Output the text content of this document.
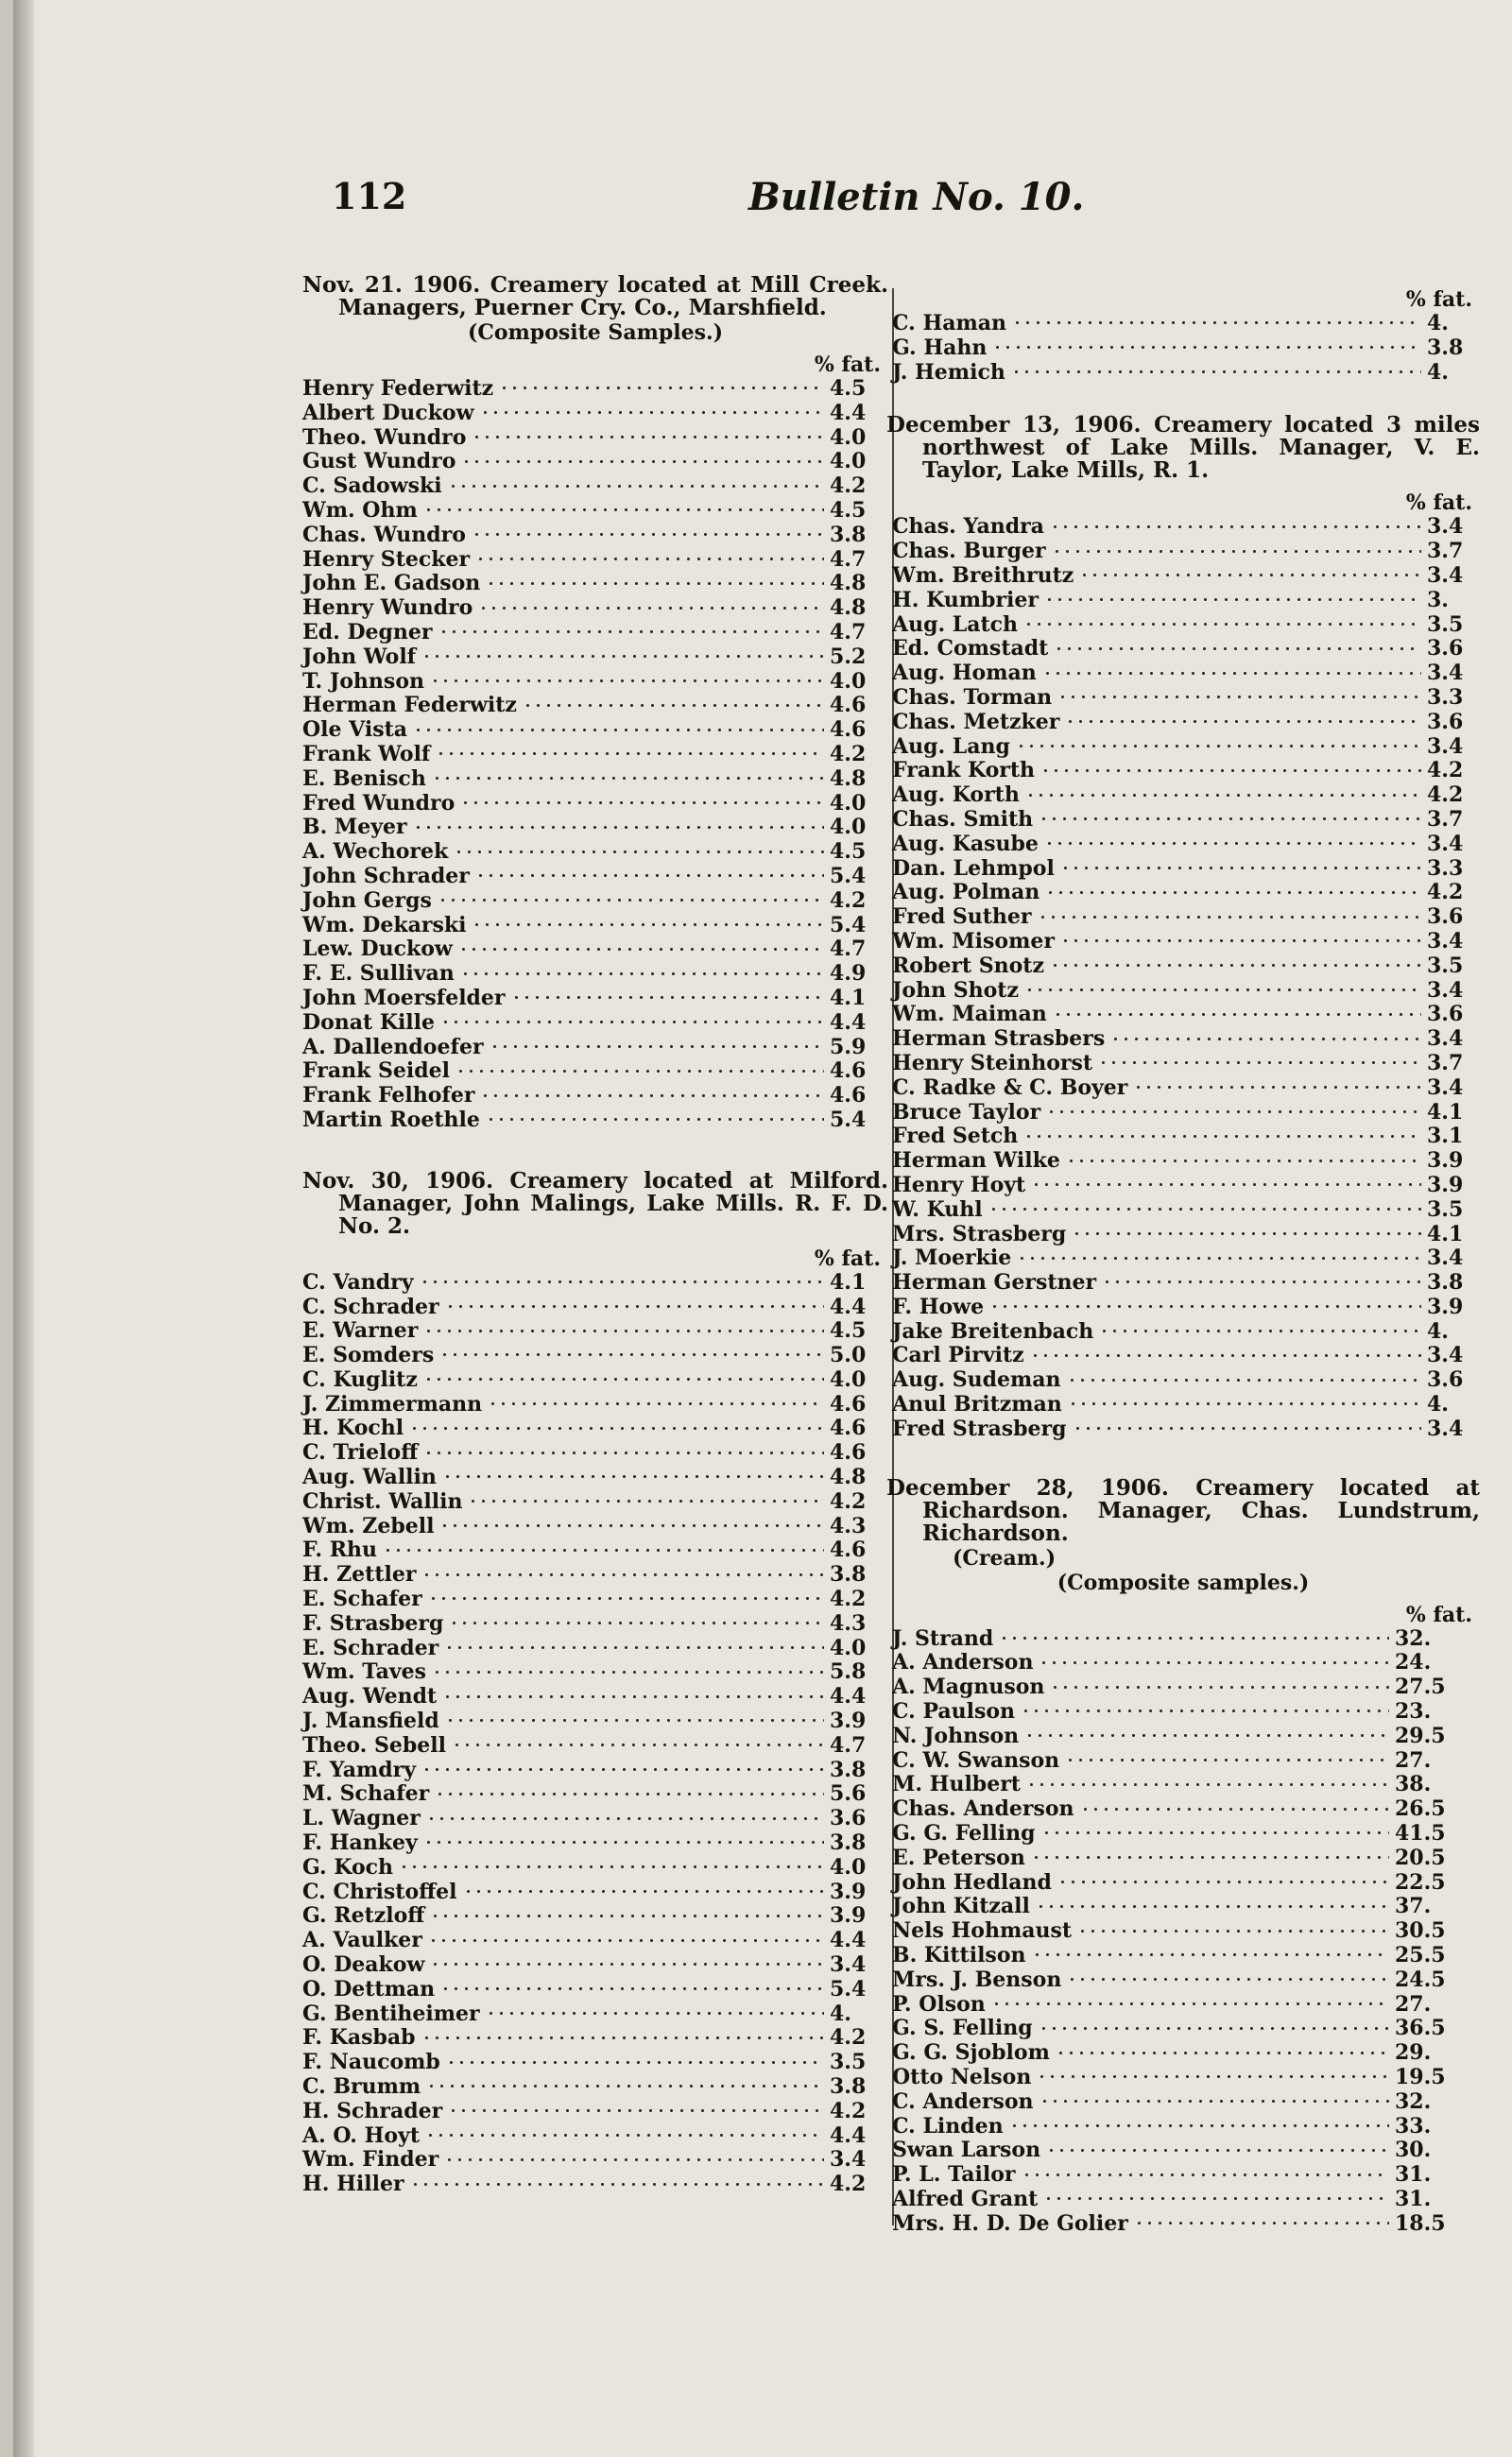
112	Bulletin No. 10.
Nov. 21. 1906. Creamery located at Mill Creek. Managers, Puerner Cry. Co., Marshfield.
(Composite Samples.)
% fat.
Henry Federwitz	4.5
Albert Duckow	4.4
Theo. Wundro	4.0
Gust Wundro	4.0
C. Sadowski	4.2
Wm. Ohm	4.5
Chas. Wundro	3.8
Henry Stecker	4.7
John E. Gadson	4.8
Henry Wundro	4.8
Ed. Degner	4.7
John Wolf	5.2
T. Johnson	4.0
Herman Federwitz	4.6
Ole Vista	4.6
Frank Wolf	4.2
E. Benisch	4.8
Fred Wundro	4.0
B. Meyer	4.0
A. Wechorek	4.5
John Schrader	5.4
John Gergs	4.2
Wm. Dekarski	5.4
Lew. Duckow	4.7
F. E. Sullivan	4.9
John Moersfelder	4.1
Donat Kille	4.4
A. Dallendoefer	5.9
Frank Seidel	4.6
Frank Felhofer	4.6
Martin Roethle	5.4
Nov. 30, 1906. Creamery located at Milford. Manager, John Malings, Lake Mills. R. F. D. No. 2.
% fat.
C. Vandry	4.1
C. Schrader	4.4
E. Warner	4.5
E. Somders	5.0
C. Kuglitz	4.0
J. Zimmermann	4.6
H. Kochl	4.6
C. Trieloff	4.6
Aug. Wallin	4.8
Christ. Wallin	4.2
Wm. Zebell	4.3
F. Rhu	4.6
H. Zettler	3.8
E. Schafer	4.2
F. Strasberg	4.3
E. Schrader	4.0
Wm. Taves	5.8
Aug. Wendt	4.4
J. Mansfield	3.9
Theo. Sebell	4.7
F. Yamdry	3.8
M. Schafer	5.6
L. Wagner	3.6
F. Hankey	3.8
G. Koch	4.0
C. Christoffel	3.9
G. Retzloff	3.9
A. Vaulker	4.4
O. Deakow	3.4
O. Dettman	5.4
G. Bentiheimer	4.
F. Kasbab	4.2
F. Naucomb	3.5
C. Brumm	3.8
H. Schrader	4.2
A. O. Hoyt	4.4
Wm. Finder	3.4
H. Hiller	4.2
% fat.
C. Haman	4.
G. Hahn	3.8
J. Hemich	4.
December 13, 1906. Creamery located 3 miles northwest of Lake Mills. Manager, V. E. Taylor, Lake Mills, R. 1.
% fat.
Chas. Yandra	3.4
Chas. Burger	3.7
Wm. Breithrutz	3.4
H. Kumbrier	3.
Aug. Latch	3.5
Ed. Comstadt	3.6
Aug. Homan	3.4
Chas. Torman	3.3
Chas. Metzker	3.6
Aug. Lang	3.4
Frank Korth	4.2
Aug. Korth	4.2
Chas. Smith	3.7
Aug. Kasube	3.4
Dan. Lehmpol	3.3
Aug. Polman	4.2
Fred Suther	3.6
Wm. Misomer	3.4
Robert Snotz	3.5
John Shotz	3.4
Wm. Maiman	3.6
Herman Strasbers	3.4
Henry Steinhorst	3.7
C. Radke & C. Boyer	3.4
Bruce Taylor	4.1
Fred Setch	3.1
Herman Wilke	3.9
Henry Hoyt	3.9
W. Kuhl	3.5
Mrs. Strasberg	4.1
J. Moerkie	3.4
Herman Gerstner	3.8
F. Howe	3.9
Jake Breitenbach	4.
Carl Pirvitz	3.4
Aug. Sudeman	3.6
Anul Britzman	4.
Fred Strasberg	3.4
December 28, 1906. Creamery located at Richardson. Manager, Chas. Lundstrum, Richardson.
(Cream.)
(Composite samples.)
% fat.
J. Strand	32.
A. Anderson	24.
A. Magnuson	27.5
C. Paulson	23.
N. Johnson	29.5
C. W. Swanson	27.
M. Hulbert	38.
Chas. Anderson	26.5
G. G. Felling	41.5
E. Peterson	20.5
John Hedland	22.5
John Kitzall	37.
Nels Hohmaust	30.5
B. Kittilson	25.5
Mrs. J. Benson	24.5
P. Olson	27.
G. S. Felling	36.5
G. G. Sjoblom	29.
Otto Nelson	19.5
C. Anderson	32.
C. Linden	33.
Swan Larson	30.
P. L. Tailor	31.
Alfred Grant	31.
Mrs. H. D. De Golier	18.5
